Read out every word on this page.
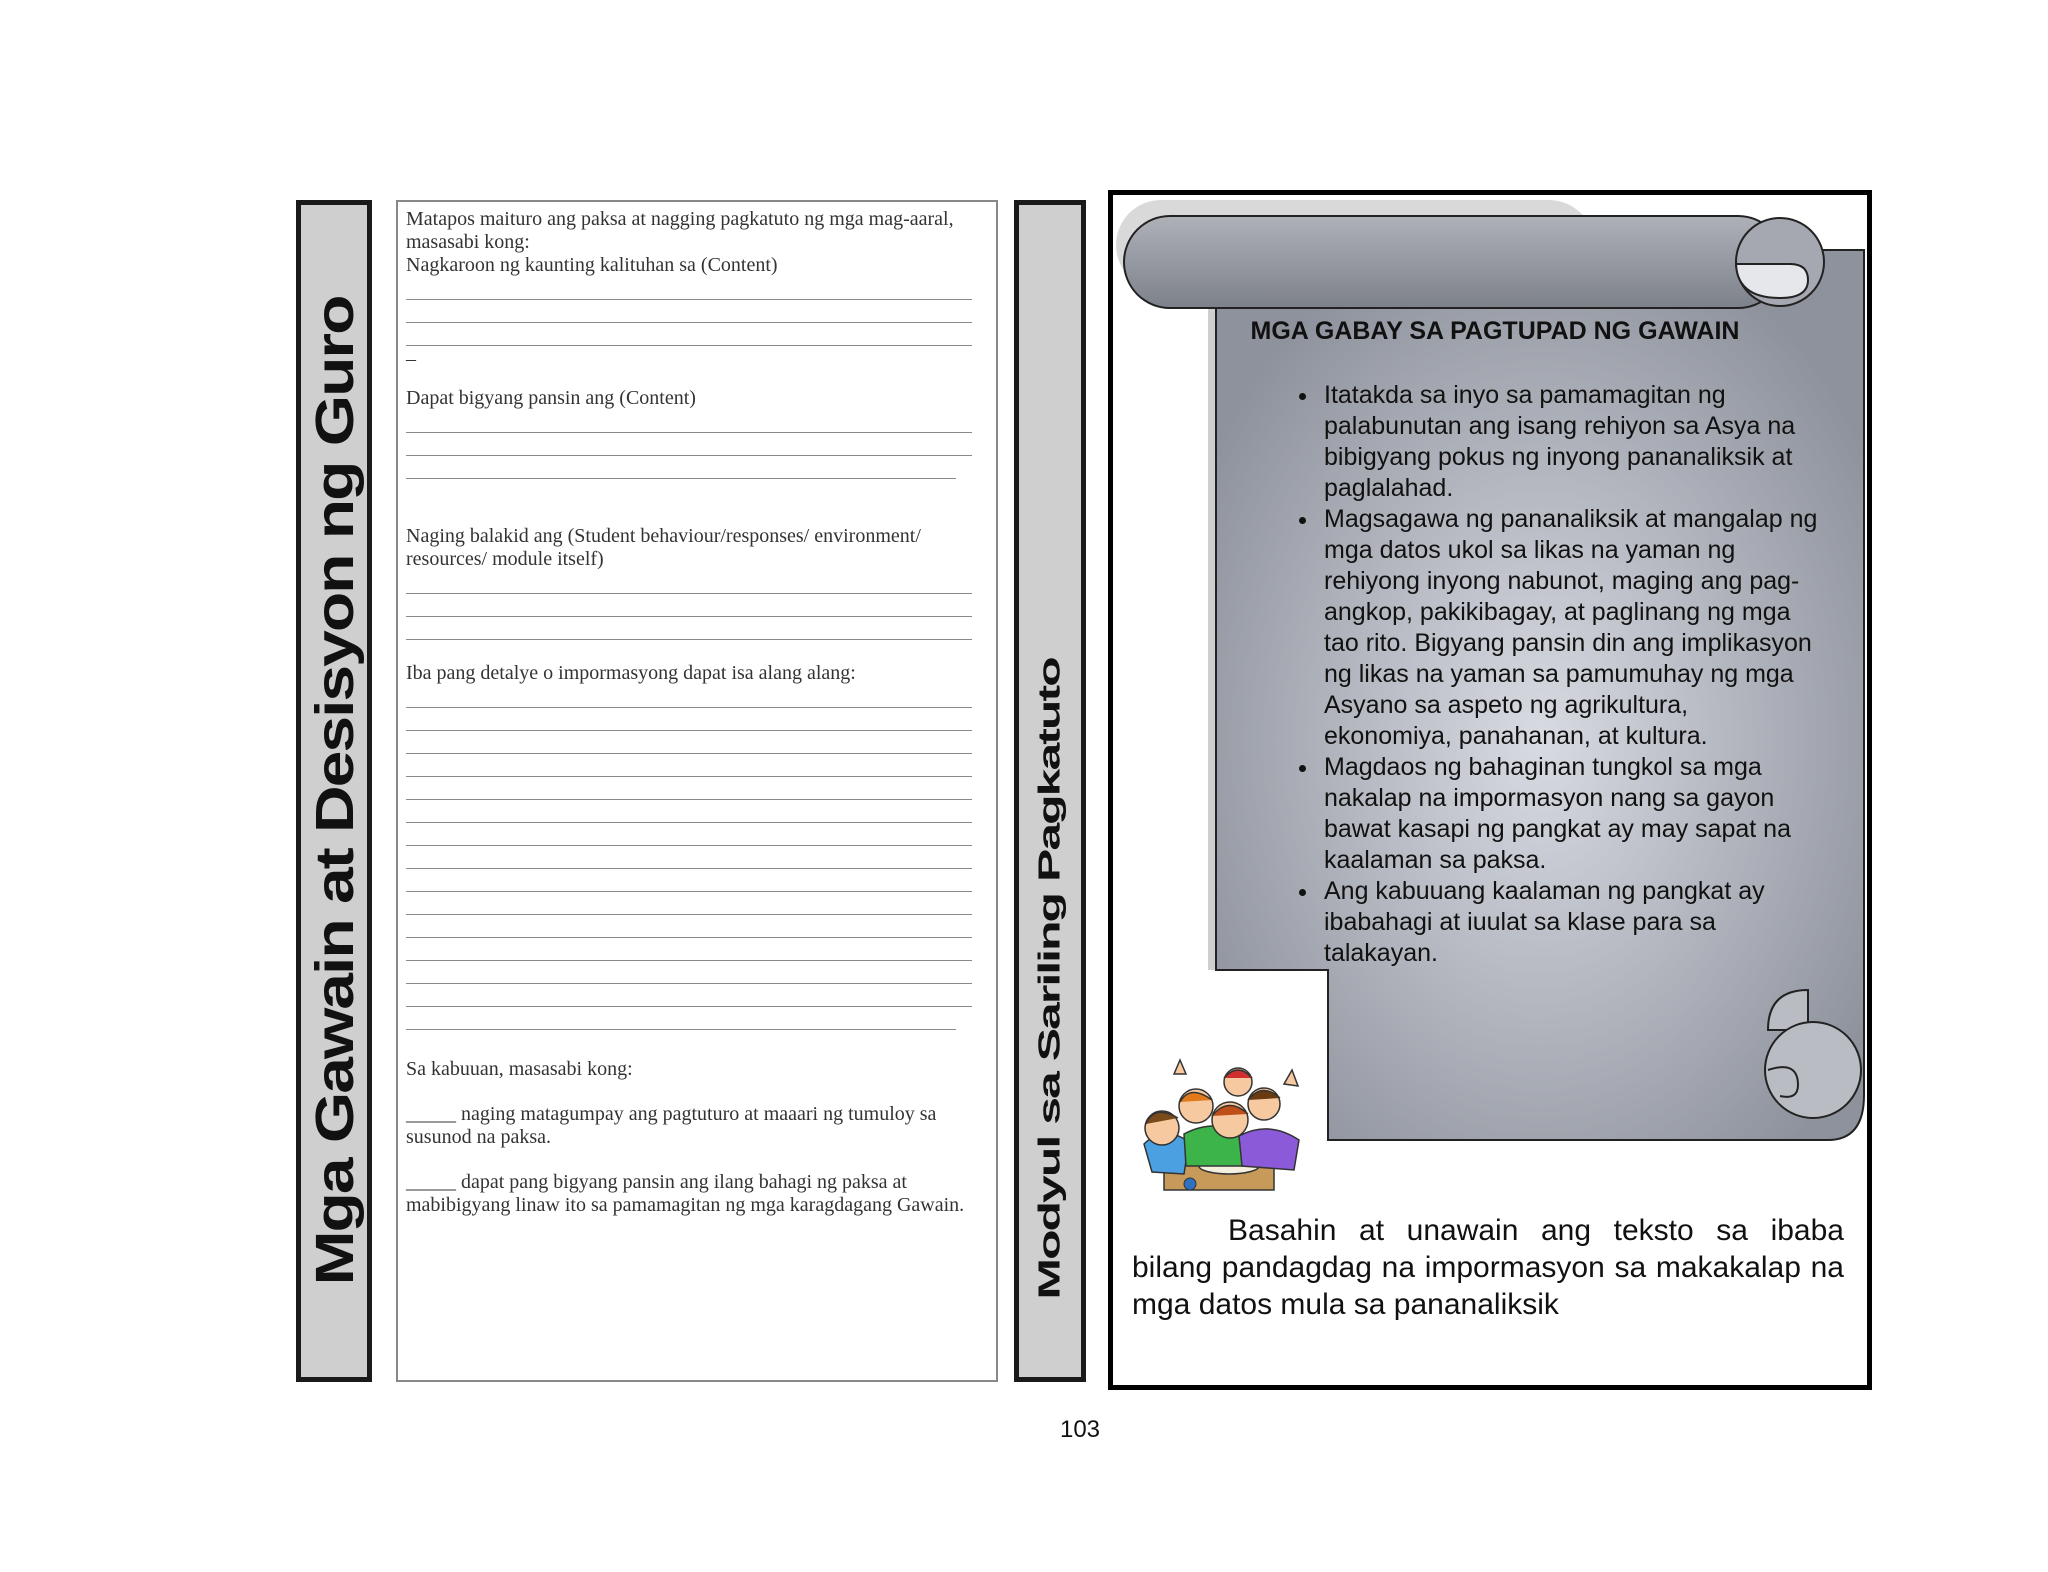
Mga Gawain at Desisyon ng Guro

Matapos maituro ang paksa at nagging pagkatuto ng mga mag-aaral, masasabi kong:

Nagkaroon ng kaunting kalituhan sa (Content)

–

Dapat bigyang pansin ang (Content)

Naging balakid ang (Student behaviour/responses/ environment/ resources/ module itself)

Iba pang detalye o impormasyong dapat isa alang alang:

Sa kabuuan, masasabi kong:

_____ naging matagumpay ang pagtuturo at maaari ng tumuloy sa susunod na paksa.

_____ dapat pang bigyang pansin ang ilang bahagi ng paksa at mabibigyang linaw ito sa pamamagitan ng mga karagdagang Gawain.	Modyul sa Sariling Pagkatuto
MGA GABAY SA PAGTUPAD NG GAWAIN
• Itatakda sa inyo sa pamamagitan ng palabunutan ang isang rehiyon sa Asya na bibigyang pokus ng inyong pananaliksik at paglalahad.
• Magsagawa ng pananaliksik at mangalap ng mga datos ukol sa likas na yaman ng rehiyong inyong nabunot, maging ang pag-angkop, pakikibagay, at paglinang ng mga tao rito. Bigyang pansin din ang implikasyon ng likas na yaman sa pamumuhay ng mga Asyano sa aspeto ng agrikultura, ekonomiya, panahanan, at kultura.
• Magdaos ng bahaginan tungkol sa mga nakalap na impormasyon nang sa gayon bawat kasapi ng pangkat ay may sapat na kaalaman sa paksa.
• Ang kabuuang kaalaman ng pangkat ay ibabahagi at iuulat sa klase para sa talakayan.
Basahin at unawain ang teksto sa ibaba bilang pandagdag na impormasyon sa makakalap na mga datos mula sa pananaliksik
103
